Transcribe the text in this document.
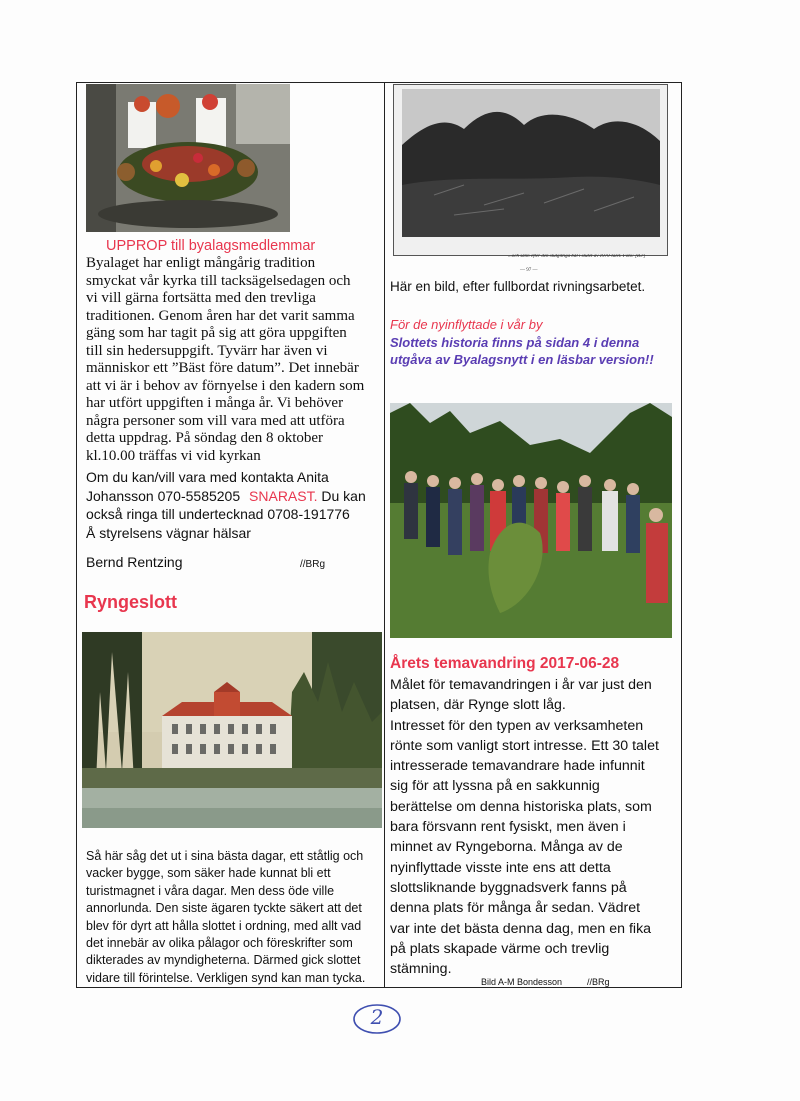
UPPROP till byalagsmedlemmar
Byalaget har enligt mångårig tradition
smyckat vår kyrka till tacksägelsedagen och
vi vill gärna fortsätta med den trevliga
traditionen. Genom åren har det varit samma
gäng som har tagit på sig att göra uppgiften
till sin hedersuppgift. Tyvärr har även vi
människor ett ”Bäst före datum”. Det innebär
att vi är i behov av förnyelse i den kadern som
har utfört uppgiften i många år. Vi behöver
några personer som vill vara med att utföra
detta uppdrag. På söndag den 8 oktober
kl.10.00 träffas vi vid kyrkan
Om du kan/vill vara med kontakta Anita
Johansson 070-5585205 SNARAST. Du kan
också ringa till undertecknad 0708-191776
Å styrelsens vägnar hälsar
Bernd Rentzing	//BRg
Ryngeslott
Så här såg det ut i sina bästa dagar, ett ståtlig och
vacker bygge, som säker hade kunnat bli ett
turistmagnet i våra dagar. Men dess öde ville
annorlunda. Den siste ägaren tyckte säkert att det
blev för dyrt att hålla slottet i ordning, med allt vad
det innebär av olika pålagor och föreskrifter som
dikterades av myndigheterna. Därmed gick slottet
vidare till förintelse. Verkligen synd kan man tycka.
...och sånn efter den slutgiltiga bål i slutet av 1970-talet. Foto: [B.r]
— 97 —
Här en bild, efter fullbordat rivningsarbetet.
För de nyinflyttade i vår by
Slottets historia finns på sidan 4 i denna
utgåva av Byalagsnytt i en läsbar version!!
Årets temavandring 2017-06-28
Målet för temavandringen i år var just den
platsen, där Rynge slott låg.
Intresset för den typen av verksamheten
rönte som vanligt stort intresse. Ett 30 talet
intresserade temavandrare hade infunnit
sig för att lyssna på en sakkunnig
berättelse om denna historiska plats, som
bara försvann rent fysiskt, men även i
minnet av Ryngeborna. Många av de
nyinflyttade visste inte ens att detta
slottsliknande byggnadsverk fanns på
denna plats för många år sedan. Vädret
var inte det bästa denna dag, men en fika
på plats skapade värme och trevlig
stämning.
Bild A-M Bondesson	//BRg
2
